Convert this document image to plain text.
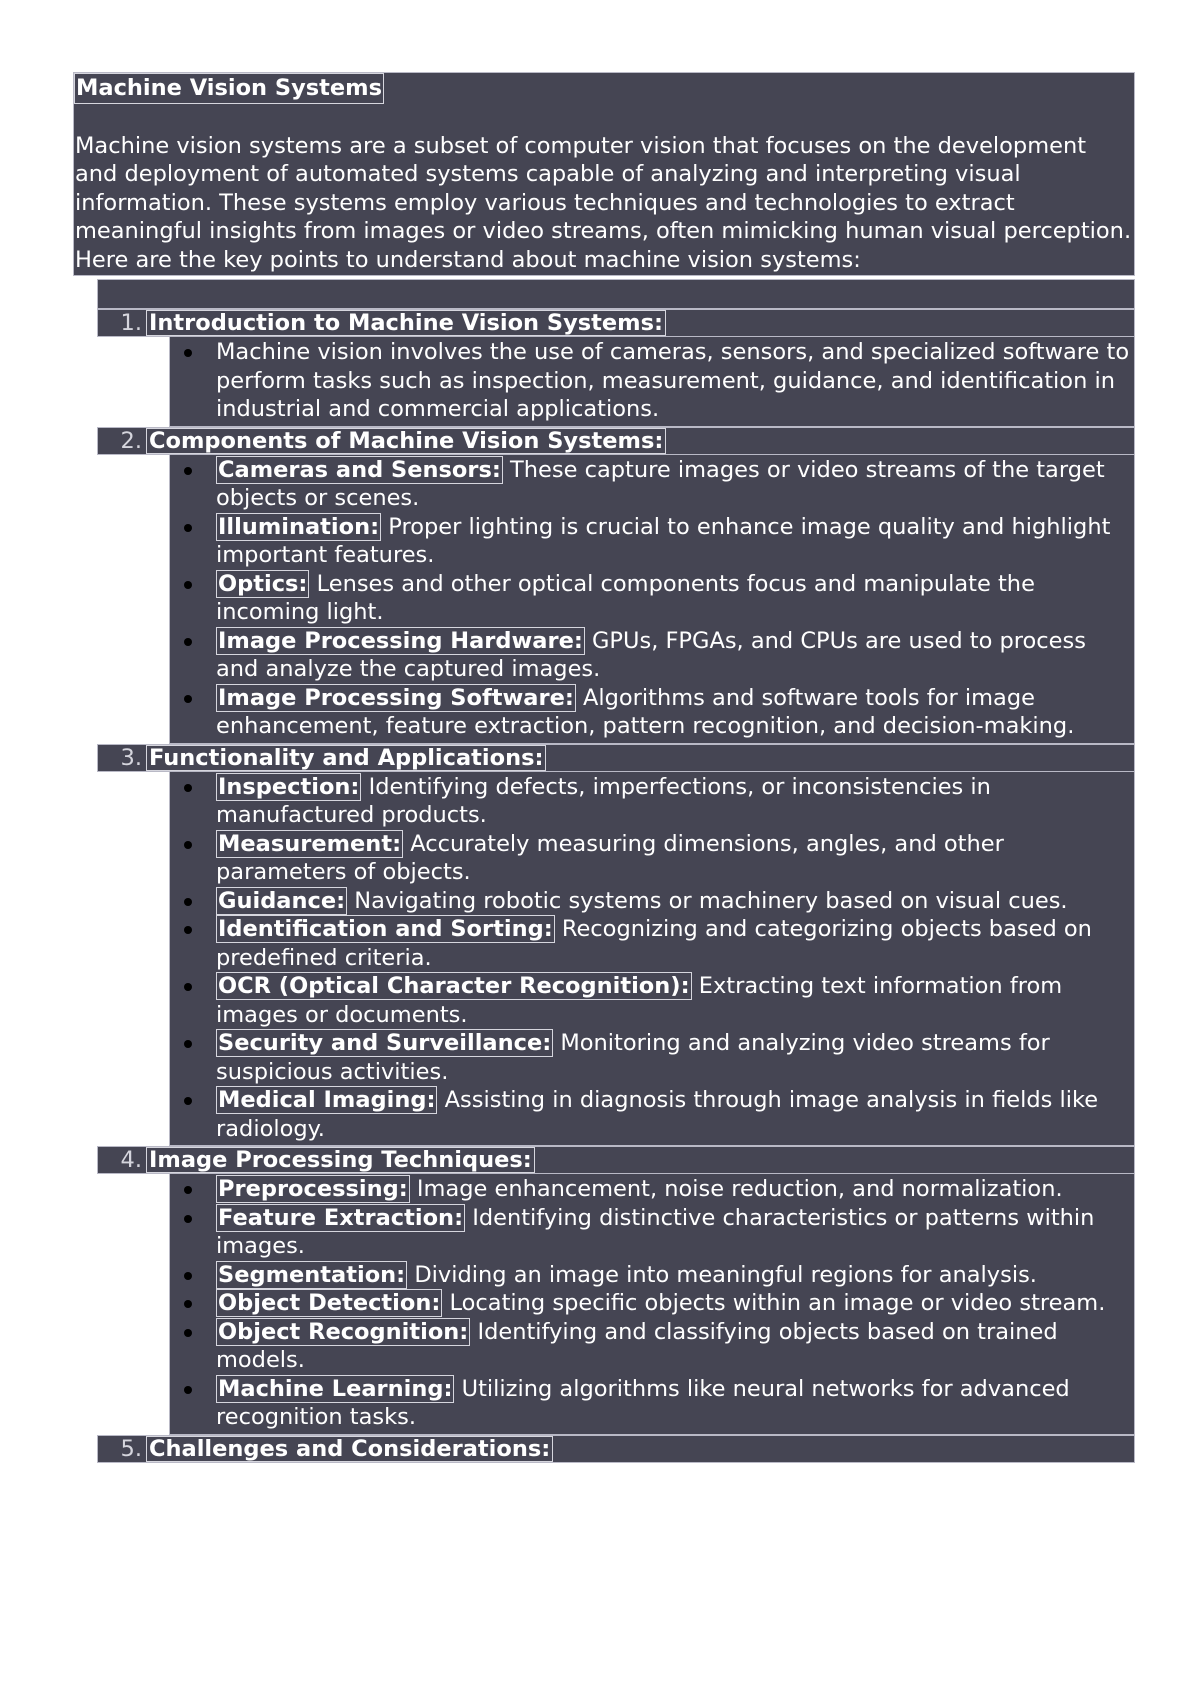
Machine Vision Systems
Machine vision systems are a subset of computer vision that focuses on the development and deployment of automated systems capable of analyzing and interpreting visual information. These systems employ various techniques and technologies to extract meaningful insights from images or video streams, often mimicking human visual perception. Here are the key points to understand about machine vision systems:
1. Introduction to Machine Vision Systems:
Machine vision involves the use of cameras, sensors, and specialized software to perform tasks such as inspection, measurement, guidance, and identification in industrial and commercial applications.
2. Components of Machine Vision Systems:
Cameras and Sensors: These capture images or video streams of the target objects or scenes.
Illumination: Proper lighting is crucial to enhance image quality and highlight important features.
Optics: Lenses and other optical components focus and manipulate the incoming light.
Image Processing Hardware: GPUs, FPGAs, and CPUs are used to process and analyze the captured images.
Image Processing Software: Algorithms and software tools for image enhancement, feature extraction, pattern recognition, and decision-making.
3. Functionality and Applications:
Inspection: Identifying defects, imperfections, or inconsistencies in manufactured products.
Measurement: Accurately measuring dimensions, angles, and other parameters of objects.
Guidance: Navigating robotic systems or machinery based on visual cues.
Identification and Sorting: Recognizing and categorizing objects based on predefined criteria.
OCR (Optical Character Recognition): Extracting text information from images or documents.
Security and Surveillance: Monitoring and analyzing video streams for suspicious activities.
Medical Imaging: Assisting in diagnosis through image analysis in fields like radiology.
4. Image Processing Techniques:
Preprocessing: Image enhancement, noise reduction, and normalization.
Feature Extraction: Identifying distinctive characteristics or patterns within images.
Segmentation: Dividing an image into meaningful regions for analysis.
Object Detection: Locating specific objects within an image or video stream.
Object Recognition: Identifying and classifying objects based on trained models.
Machine Learning: Utilizing algorithms like neural networks for advanced recognition tasks.
5. Challenges and Considerations:
